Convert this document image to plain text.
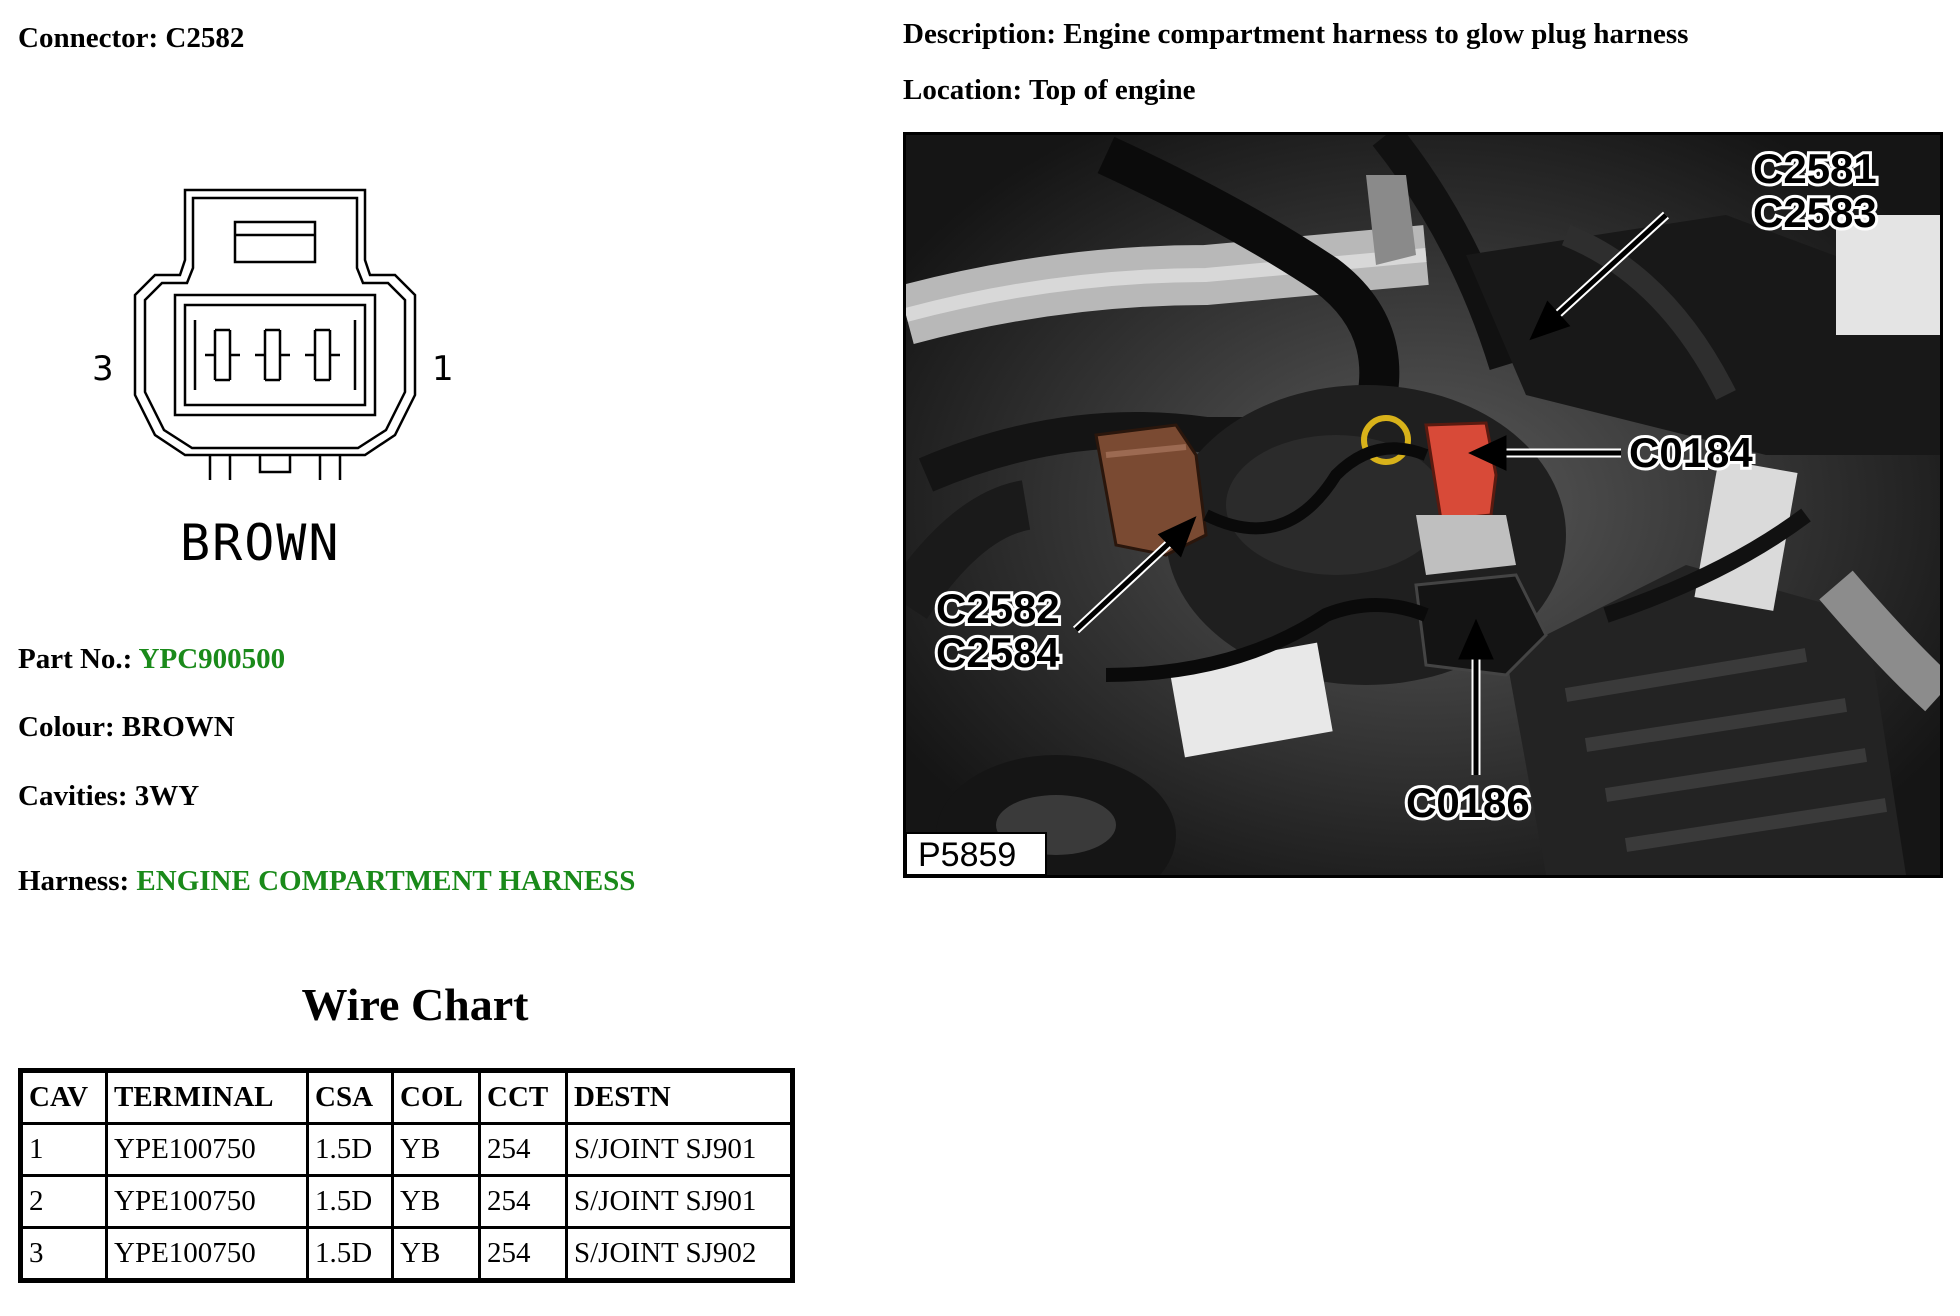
Connector: C2582	Description: Engine compartment harness to glow plug harness
Location: Top of engine
3	1
BROWN
Part No.: YPC900500
Colour: BROWN
Cavities: 3WY
Harness: ENGINE COMPARTMENT HARNESS
C2581
C2583
C0184
C2582
C2584
C0186
P5859
Wire Chart
CAV	TERMINAL	CSA	COL	CCT	DESTN
1	YPE100750	1.5D	YB	254	S/JOINT SJ901
2	YPE100750	1.5D	YB	254	S/JOINT SJ901
3	YPE100750	1.5D	YB	254	S/JOINT SJ902
